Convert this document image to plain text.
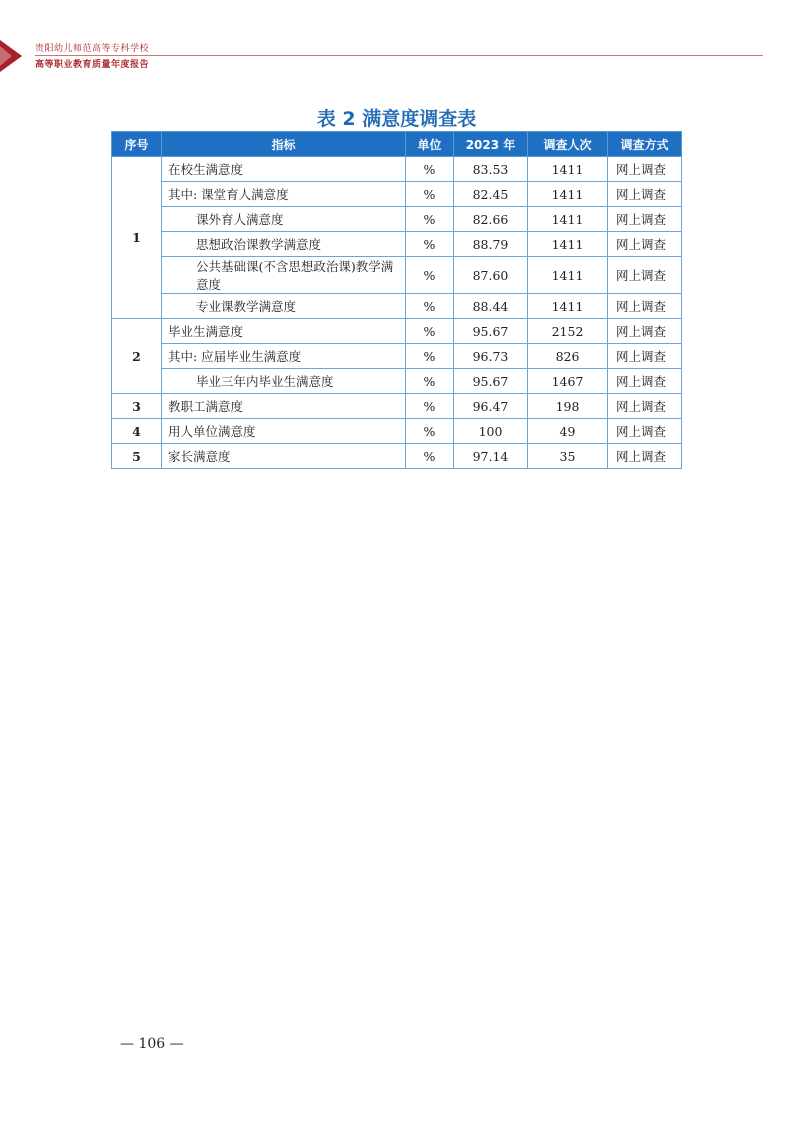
贵阳幼儿师范高等专科学校
高等职业教育质量年度报告
表 2 满意度调查表
序号	指标	单位	2023 年	调查人次	调查方式
1	在校生满意度	%	83.53	1411	网上调查
	其中: 课堂育人满意度	%	82.45	1411	网上调查
	课外育人满意度	%	82.66	1411	网上调查
	思想政治课教学满意度	%	88.79	1411	网上调查
	公共基础课(不含思想政治课)教学满意度	%	87.60	1411	网上调查
	专业课教学满意度	%	88.44	1411	网上调查
2	毕业生满意度	%	95.67	2152	网上调查
	其中: 应届毕业生满意度	%	96.73	826	网上调查
	毕业三年内毕业生满意度	%	95.67	1467	网上调查
3	教职工满意度	%	96.47	198	网上调查
4	用人单位满意度	%	100	49	网上调查
5	家长满意度	%	97.14	35	网上调查
— 106 —
